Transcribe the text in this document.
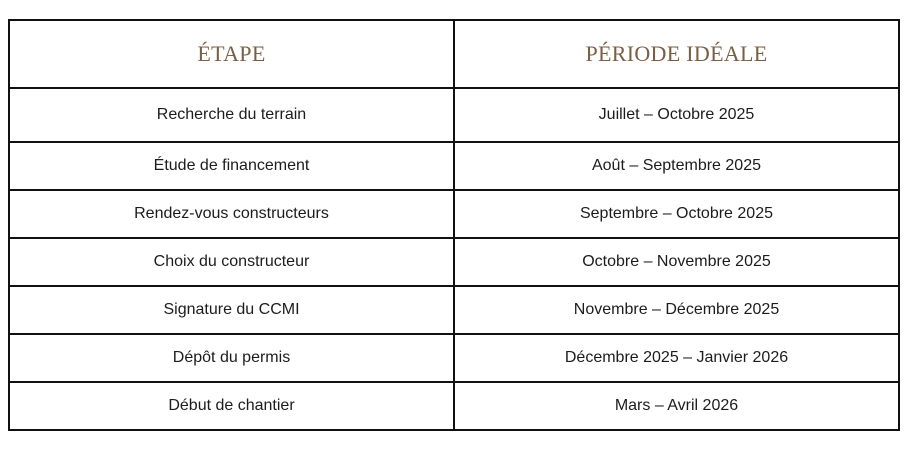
ÉTAPE	PÉRIODE IDÉALE
Recherche du terrain	Juillet – Octobre 2025
Étude de financement	Août – Septembre 2025
Rendez-vous constructeurs	Septembre – Octobre 2025
Choix du constructeur	Octobre – Novembre 2025
Signature du CCMI	Novembre – Décembre 2025
Dépôt du permis	Décembre 2025 – Janvier 2026
Début de chantier	Mars – Avril 2026
